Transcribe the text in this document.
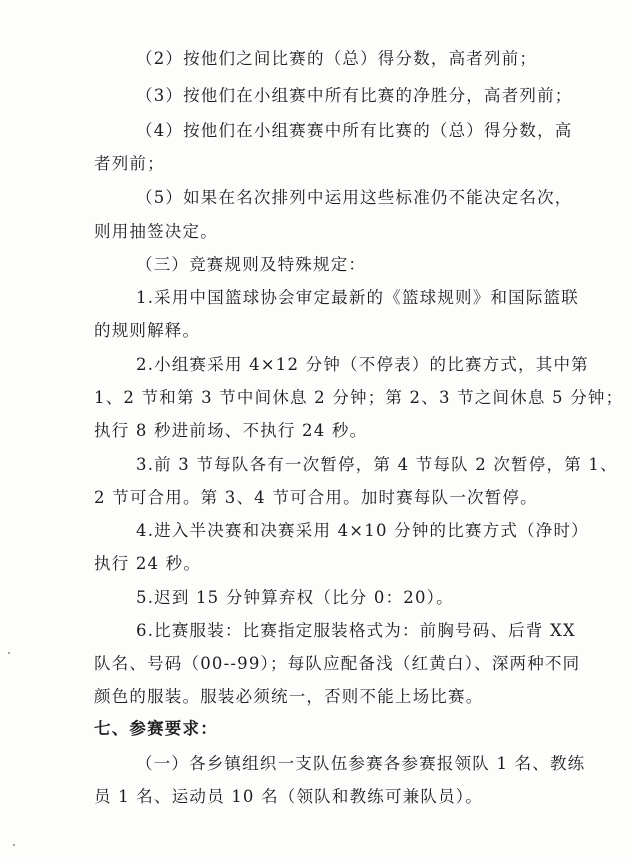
（2）按他们之间比赛的（总）得分数，高者列前；
（3）按他们在小组赛中所有比赛的净胜分，高者列前；
（4）按他们在小组赛赛中所有比赛的（总）得分数，高
者列前；
（5）如果在名次排列中运用这些标准仍不能决定名次，
则用抽签决定。
（三）竞赛规则及特殊规定：
1.采用中国篮球协会审定最新的《篮球规则》和国际篮联
的规则解释。
2.小组赛采用 4×12 分钟（不停表）的比赛方式，其中第
1、2 节和第 3 节中间休息 2 分钟；第 2、3 节之间休息 5 分钟；
执行 8 秒进前场、不执行 24 秒。
3.前 3 节每队各有一次暂停，第 4 节每队 2 次暂停，第 1、
2 节可合用。第 3、4 节可合用。加时赛每队一次暂停。
4.进入半决赛和决赛采用 4×10 分钟的比赛方式（净时）
执行 24 秒。
5.迟到 15 分钟算弃权（比分 0：20）。
6.比赛服装：比赛指定服装格式为：前胸号码、后背 XX
队名、号码（00--99）；每队应配备浅（红黄白）、深两种不同
颜色的服装。服装必须统一，否则不能上场比赛。
七、参赛要求：
（一）各乡镇组织一支队伍参赛各参赛报领队 1 名、教练
员 1 名、运动员 10 名（领队和教练可兼队员）。
